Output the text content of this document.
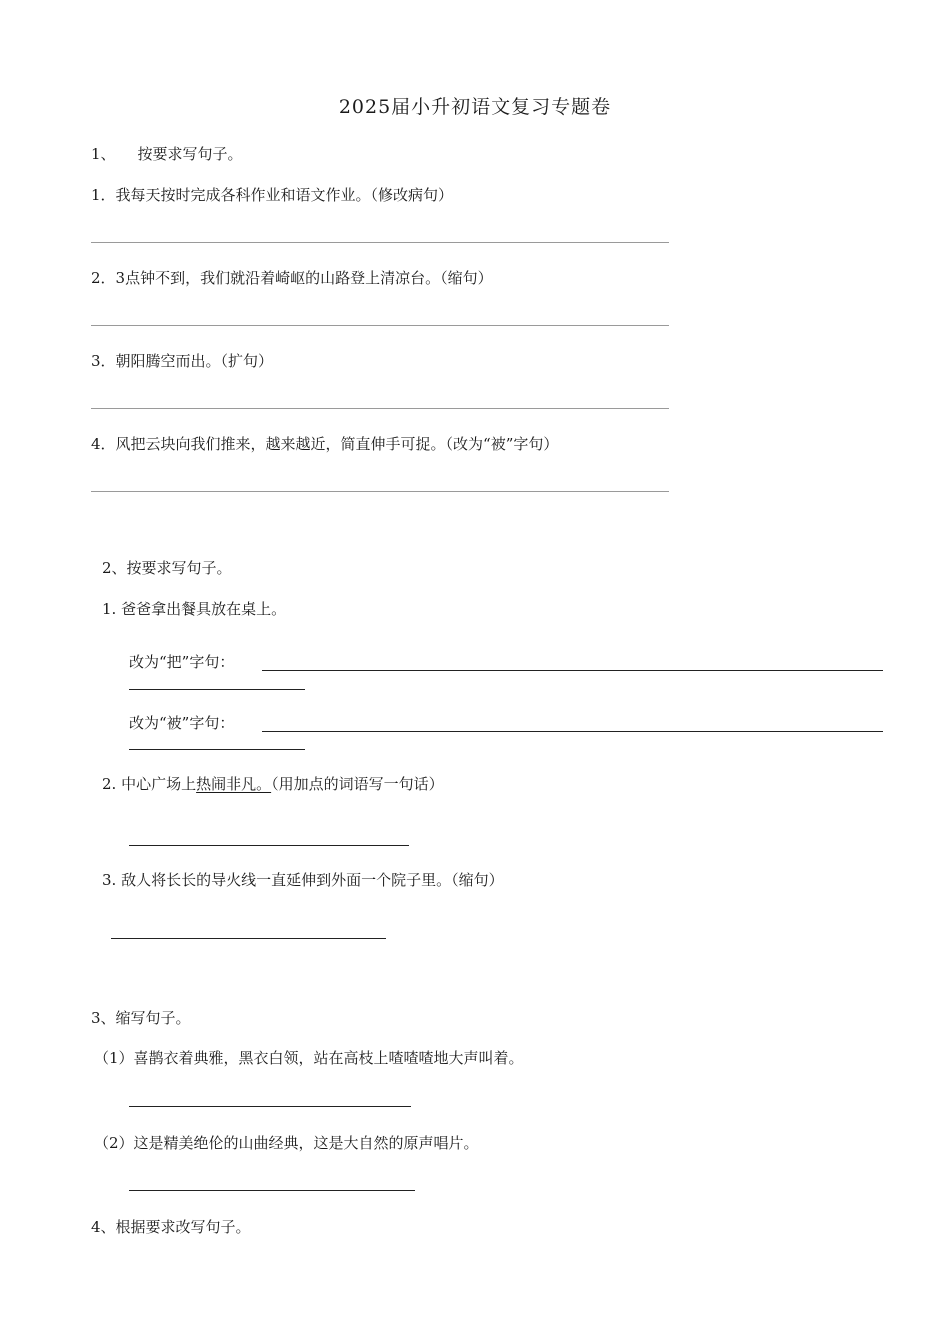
2025届小升初语文复习专题卷
1、 按要求写句子。
1．我每天按时完成各科作业和语文作业。（修改病句）
2．3点钟不到，我们就沿着崎岖的山路登上清凉台。（缩句）
3．朝阳腾空而出。（扩句）
4．风把云块向我们推来，越来越近，简直伸手可捉。（改为“被”字句）
2、按要求写句子。
1. 爸爸拿出餐具放在桌上。
改为“把”字句：
改为“被”字句：
2. 中心广场上热闹非凡。（用加点的词语写一句话）
3. 敌人将长长的导火线一直延伸到外面一个院子里。（缩句）
3、缩写句子。
（1）喜鹊衣着典雅，黑衣白领，站在高枝上喳喳喳地大声叫着。
（2）这是精美绝伦的山曲经典，这是大自然的原声唱片。
4、根据要求改写句子。
